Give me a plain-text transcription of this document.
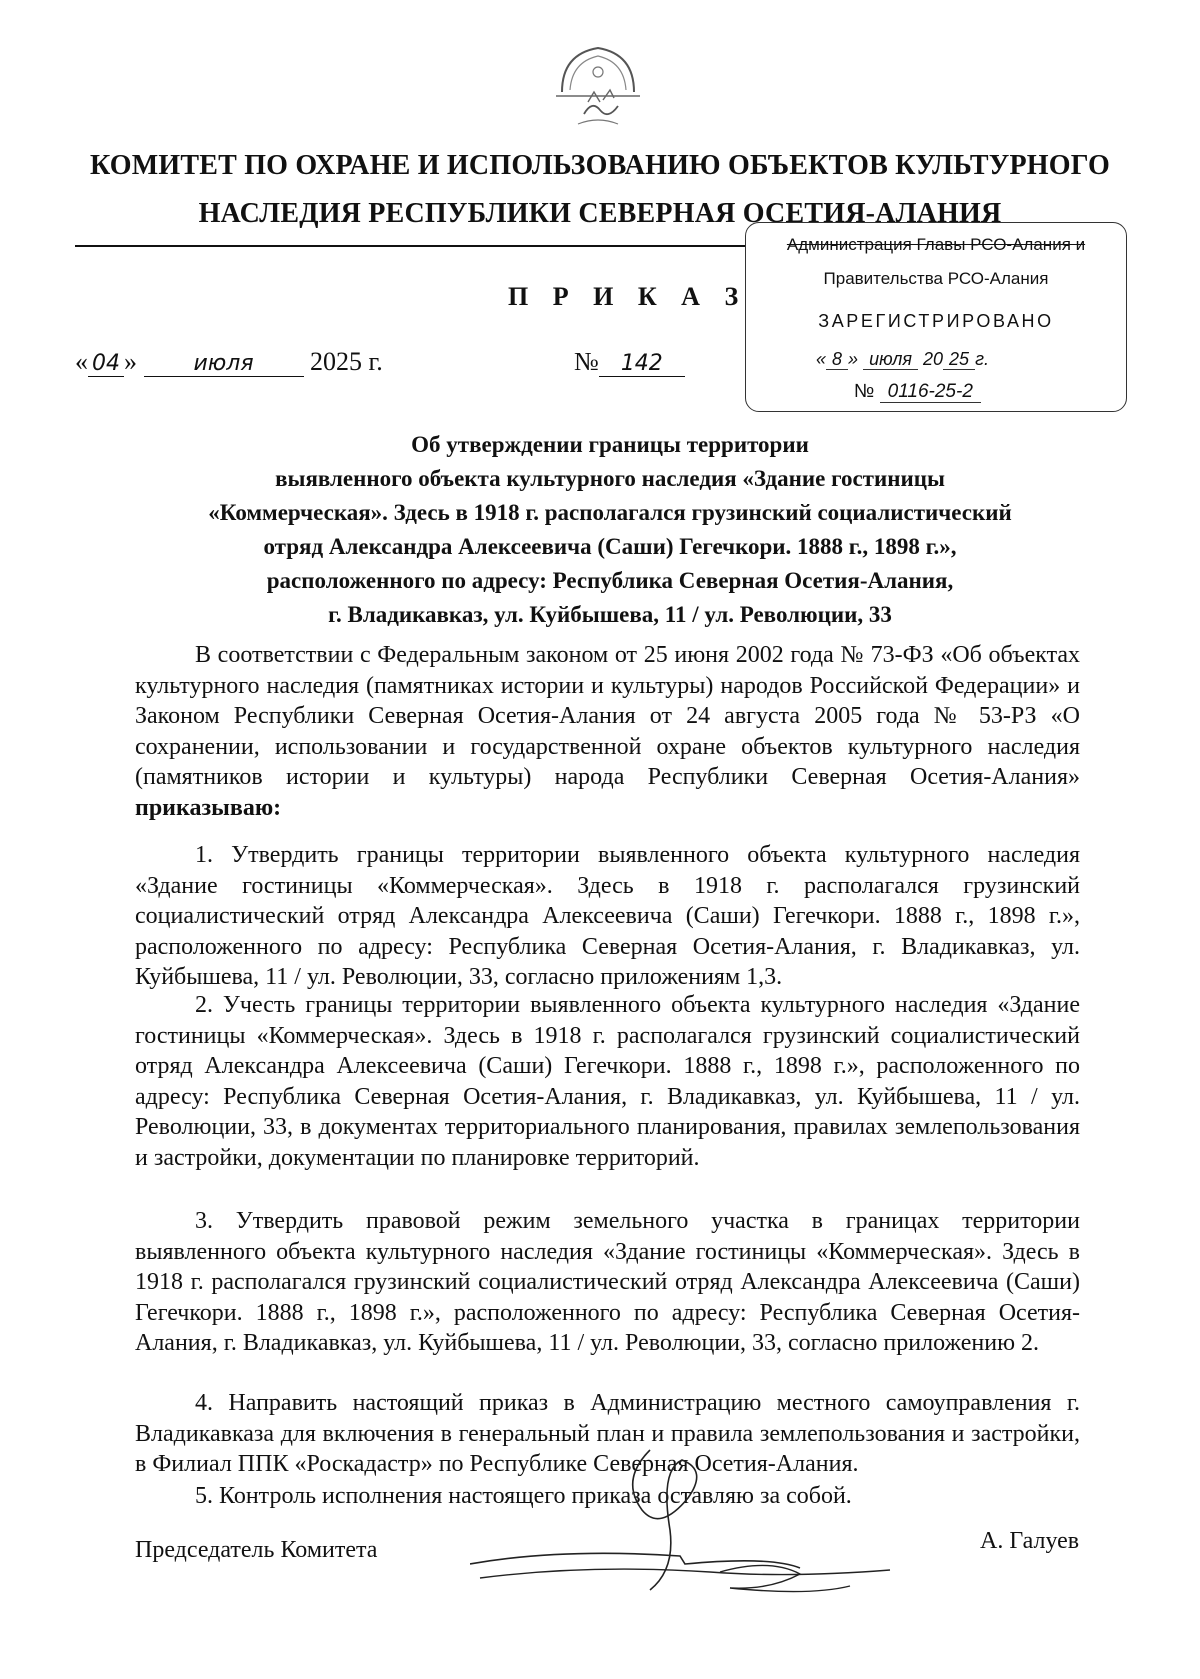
КОМИТЕТ ПО ОХРАНЕ И ИСПОЛЬЗОВАНИЮ ОБЪЕКТОВ КУЛЬТУРНОГО
НАСЛЕДИЯ РЕСПУБЛИКИ СЕВЕРНАЯ ОСЕТИЯ-АЛАНИЯ
Администрация Главы РСО-Алания и
Правительства РСО-Алания
ЗАРЕГИСТРИРОВАНО
« 8 » июля 20 25 г.
№ 0116-25-2
П Р И К А З
« 04 »	июля 2025 г.	№ 142
Об утверждении границы территории
выявленного объекта культурного наследия «Здание гостиницы
«Коммерческая». Здесь в 1918 г. располагался грузинский социалистический
отряд Александра Алексеевича (Саши) Гегечкори. 1888 г., 1898 г.»,
расположенного по адресу: Республика Северная Осетия-Алания,
г. Владикавказ, ул. Куйбышева, 11 / ул. Революции, 33
В соответствии с Федеральным законом от 25 июня 2002 года № 73-ФЗ «Об объектах культурного наследия (памятниках истории и культуры) народов Российской Федерации» и Законом Республики Северная Осетия-Алания от 24 августа 2005 года № 53-РЗ «О сохранении, использовании и государственной охране объектов культурного наследия (памятников истории и культуры) народа Республики Северная Осетия-Алания» приказываю:
1. Утвердить границы территории выявленного объекта культурного наследия «Здание гостиницы «Коммерческая». Здесь в 1918 г. располагался грузинский социалистический отряд Александра Алексеевича (Саши) Гегечкори. 1888 г., 1898 г.», расположенного по адресу: Республика Северная Осетия-Алания, г. Владикавказ, ул. Куйбышева, 11 / ул. Революции, 33, согласно приложениям 1,3.
2. Учесть границы территории выявленного объекта культурного наследия «Здание гостиницы «Коммерческая». Здесь в 1918 г. располагался грузинский социалистический отряд Александра Алексеевича (Саши) Гегечкори. 1888 г., 1898 г.», расположенного по адресу: Республика Северная Осетия-Алания, г. Владикавказ, ул. Куйбышева, 11 / ул. Революции, 33, в документах территориального планирования, правилах землепользования и застройки, документации по планировке территорий.
3. Утвердить правовой режим земельного участка в границах территории выявленного объекта культурного наследия «Здание гостиницы «Коммерческая». Здесь в 1918 г. располагался грузинский социалистический отряд Александра Алексеевича (Саши) Гегечкори. 1888 г., 1898 г.», расположенного по адресу: Республика Северная Осетия-Алания, г. Владикавказ, ул. Куйбышева, 11 / ул. Революции, 33, согласно приложению 2.
4. Направить настоящий приказ в Администрацию местного самоуправления г. Владикавказа для включения в генеральный план и правила землепользования и застройки, в Филиал ППК «Роскадастр» по Республике Северная Осетия-Алания.
5. Контроль исполнения настоящего приказа оставляю за собой.
Председатель Комитета	А. Галуев
